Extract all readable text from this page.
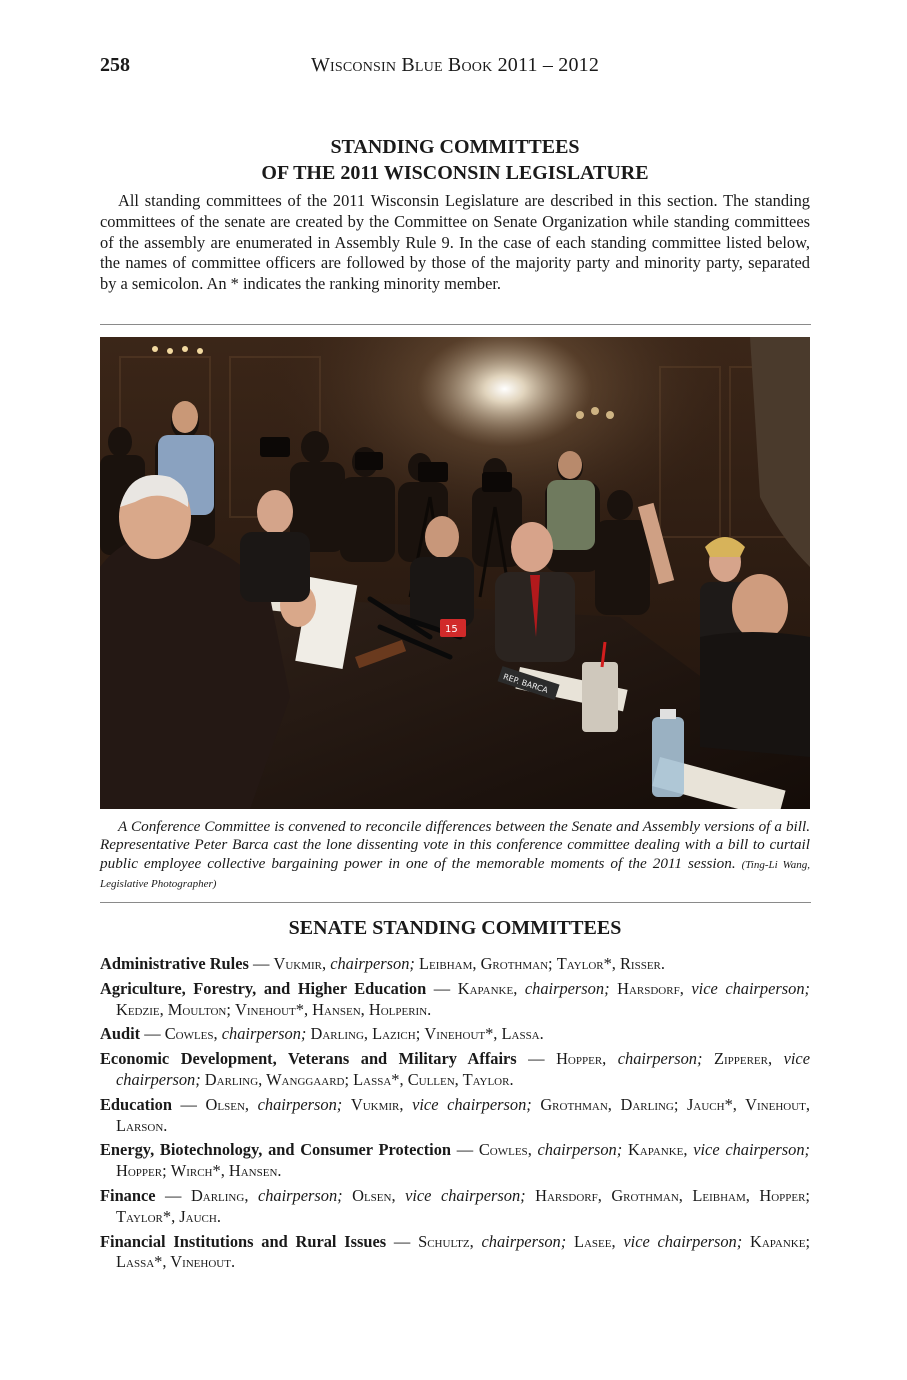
258	Wisconsin Blue Book 2011 – 2012
STANDING COMMITTEES
OF THE 2011 WISCONSIN LEGISLATURE

All standing committees of the 2011 Wisconsin Legislature are described in this section. The standing committees of the senate are created by the Committee on Senate Organization while standing committees of the assembly are enumerated in Assembly Rule 9. In the case of each standing committee listed below, the names of committee officers are followed by those of the majority party and minority party, separated by a semicolon. An * indicates the ranking minority member.

15
REP. BARCA

A Conference Committee is convened to reconcile differences between the Senate and Assembly versions of a bill. Representative Peter Barca cast the lone dissenting vote in this conference committee dealing with a bill to curtail public employee collective bargaining power in one of the memorable moments of the 2011 session. (Ting-Li Wang, Legislative Photographer)

SENATE STANDING COMMITTEES

Administrative Rules — Vukmir, chairperson; Leibham, Grothman; Taylor*, Risser.

Agriculture, Forestry, and Higher Education — Kapanke, chairperson; Harsdorf, vice chairperson; Kedzie, Moulton; Vinehout*, Hansen, Holperin.

Audit — Cowles, chairperson; Darling, Lazich; Vinehout*, Lassa.

Economic Development, Veterans and Military Affairs — Hopper, chairperson; Zipperer, vice chairperson; Darling, Wanggaard; Lassa*, Cullen, Taylor.

Education — Olsen, chairperson; Vukmir, vice chairperson; Grothman, Darling; Jauch*, Vinehout, Larson.

Energy, Biotechnology, and Consumer Protection — Cowles, chairperson; Kapanke, vice chairperson; Hopper; Wirch*, Hansen.

Finance — Darling, chairperson; Olsen, vice chairperson; Harsdorf, Grothman, Leibham, Hopper; Taylor*, Jauch.

Financial Institutions and Rural Issues — Schultz, chairperson; Lasee, vice chairperson; Kapanke; Lassa*, Vinehout.
